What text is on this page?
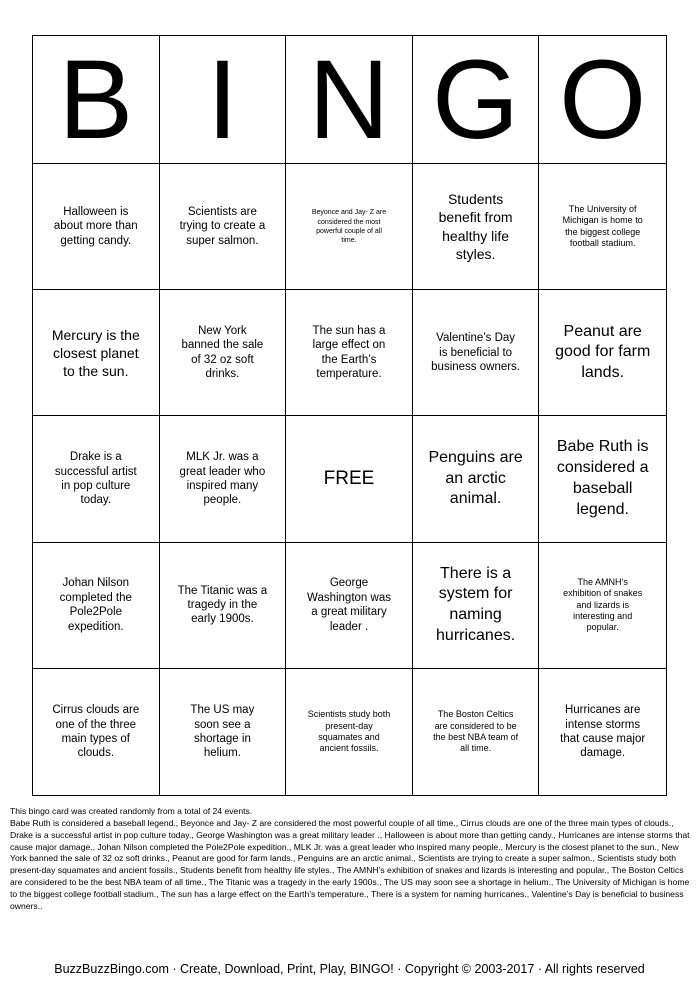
B I N G O
Halloween is about more than getting candy.
Scientists are trying to create a super salmon.
Beyonce and Jay- Z are considered the most powerful couple of all time.
Students benefit from healthy life styles.
The University of Michigan is home to the biggest college football stadium.
Mercury is the closest planet to the sun.
New York banned the sale of 32 oz soft drinks.
The sun has a large effect on the Earth’s temperature.
Valentine’s Day is beneficial to business owners.
Peanut are good for farm lands.
Drake is a successful artist in pop culture today.
MLK Jr. was a great leader who inspired many people.
FREE
Penguins are an arctic animal.
Babe Ruth is considered a baseball legend.
Johan Nilson completed the Pole2Pole expedition.
The Titanic was a tragedy in the early 1900s.
George Washington was a great military leader .
There is a system for naming hurricanes.
The AMNH’s exhibition of snakes and lizards is interesting and popular.
Cirrus clouds are one of the three main types of clouds.
The US may soon see a shortage in helium.
Scientists study both present-day squamates and ancient fossils.
The Boston Celtics are considered to be the best NBA team of all time.
Hurricanes are intense storms that cause major damage.

This bingo card was created randomly from a total of 24 events.

Babe Ruth is considered a baseball legend., Beyonce and Jay- Z are considered the most powerful couple of all time., Cirrus clouds are one of the three main types of clouds., Drake is a successful artist in pop culture today., George Washington was a great military leader ., Halloween is about more than getting candy., Hurricanes are intense storms that cause major damage., Johan Nilson completed the Pole2Pole expedition., MLK Jr. was a great leader who inspired many people., Mercury is the closest planet to the sun., New York banned the sale of 32 oz soft drinks., Peanut are good for farm lands., Penguins are an arctic animal., Scientists are trying to create a super salmon., Scientists study both present-day squamates and ancient fossils., Students benefit from healthy life styles., The AMNH’s exhibition of snakes and lizards is interesting and popular., The Boston Celtics are considered to be the best NBA team of all time., The Titanic was a tragedy in the early 1900s., The US may soon see a shortage in helium., The University of Michigan is home to the biggest college football stadium., The sun has a large effect on the Earth’s temperature., There is a system for naming hurricanes., Valentine’s Day is beneficial to business owners..

BuzzBuzzBingo.com · Create, Download, Print, Play, BINGO! · Copyright © 2003-2017 · All rights reserved
